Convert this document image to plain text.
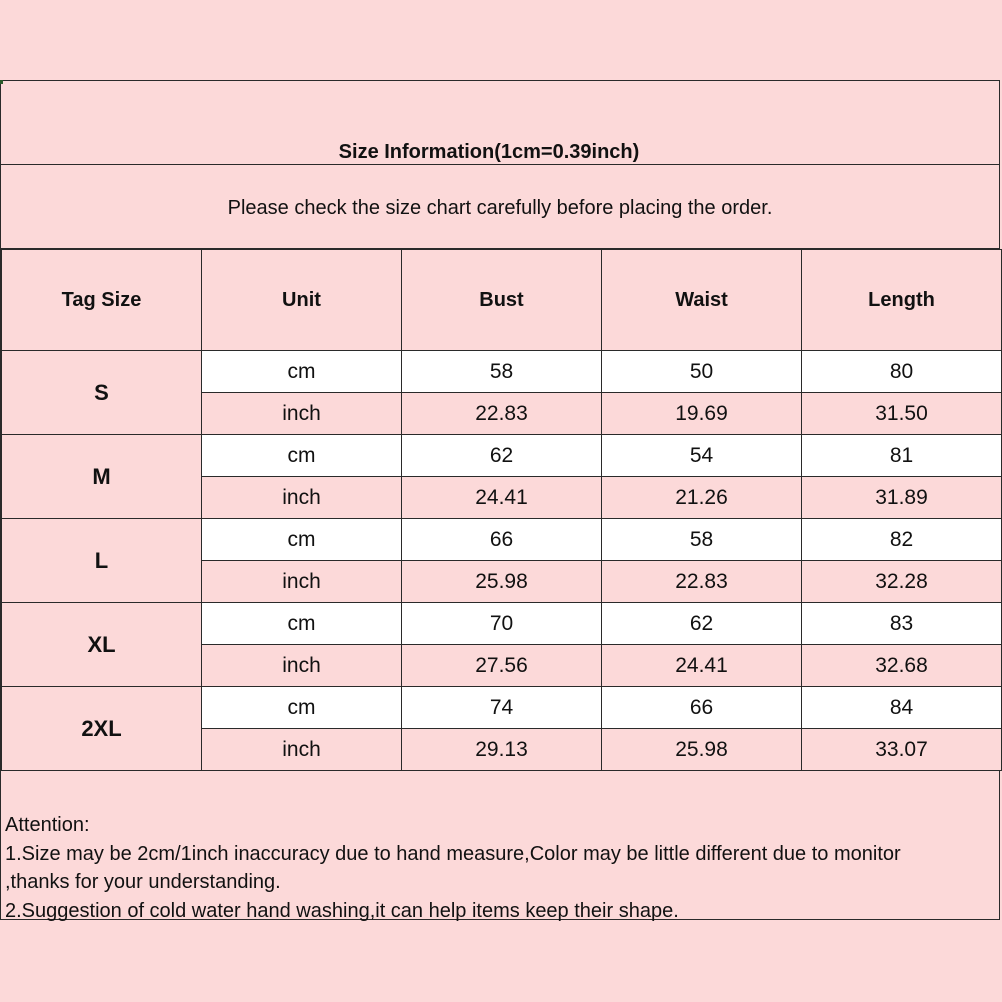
Tag Size	Unit	Bust	Waist	Length
S	cm	58	50	80
	inch	22.83	19.69	31.50
M	cm	62	54	81
	inch	24.41	21.26	31.89
L	cm	66	58	82
	inch	25.98	22.83	32.28
XL	cm	70	62	83
	inch	27.56	24.41	32.68
2XL	cm	74	66	84
	inch	29.13	25.98	33.07
Attention:
1.Size may be 2cm/1inch inaccuracy due to hand measure,Color may be little different due to monitor
,thanks for your understanding.
2.Suggestion of cold water hand washing,it can help items keep their shape.
Size Information(1cm=0.39inch)
Please check the size chart carefully before placing the order.
